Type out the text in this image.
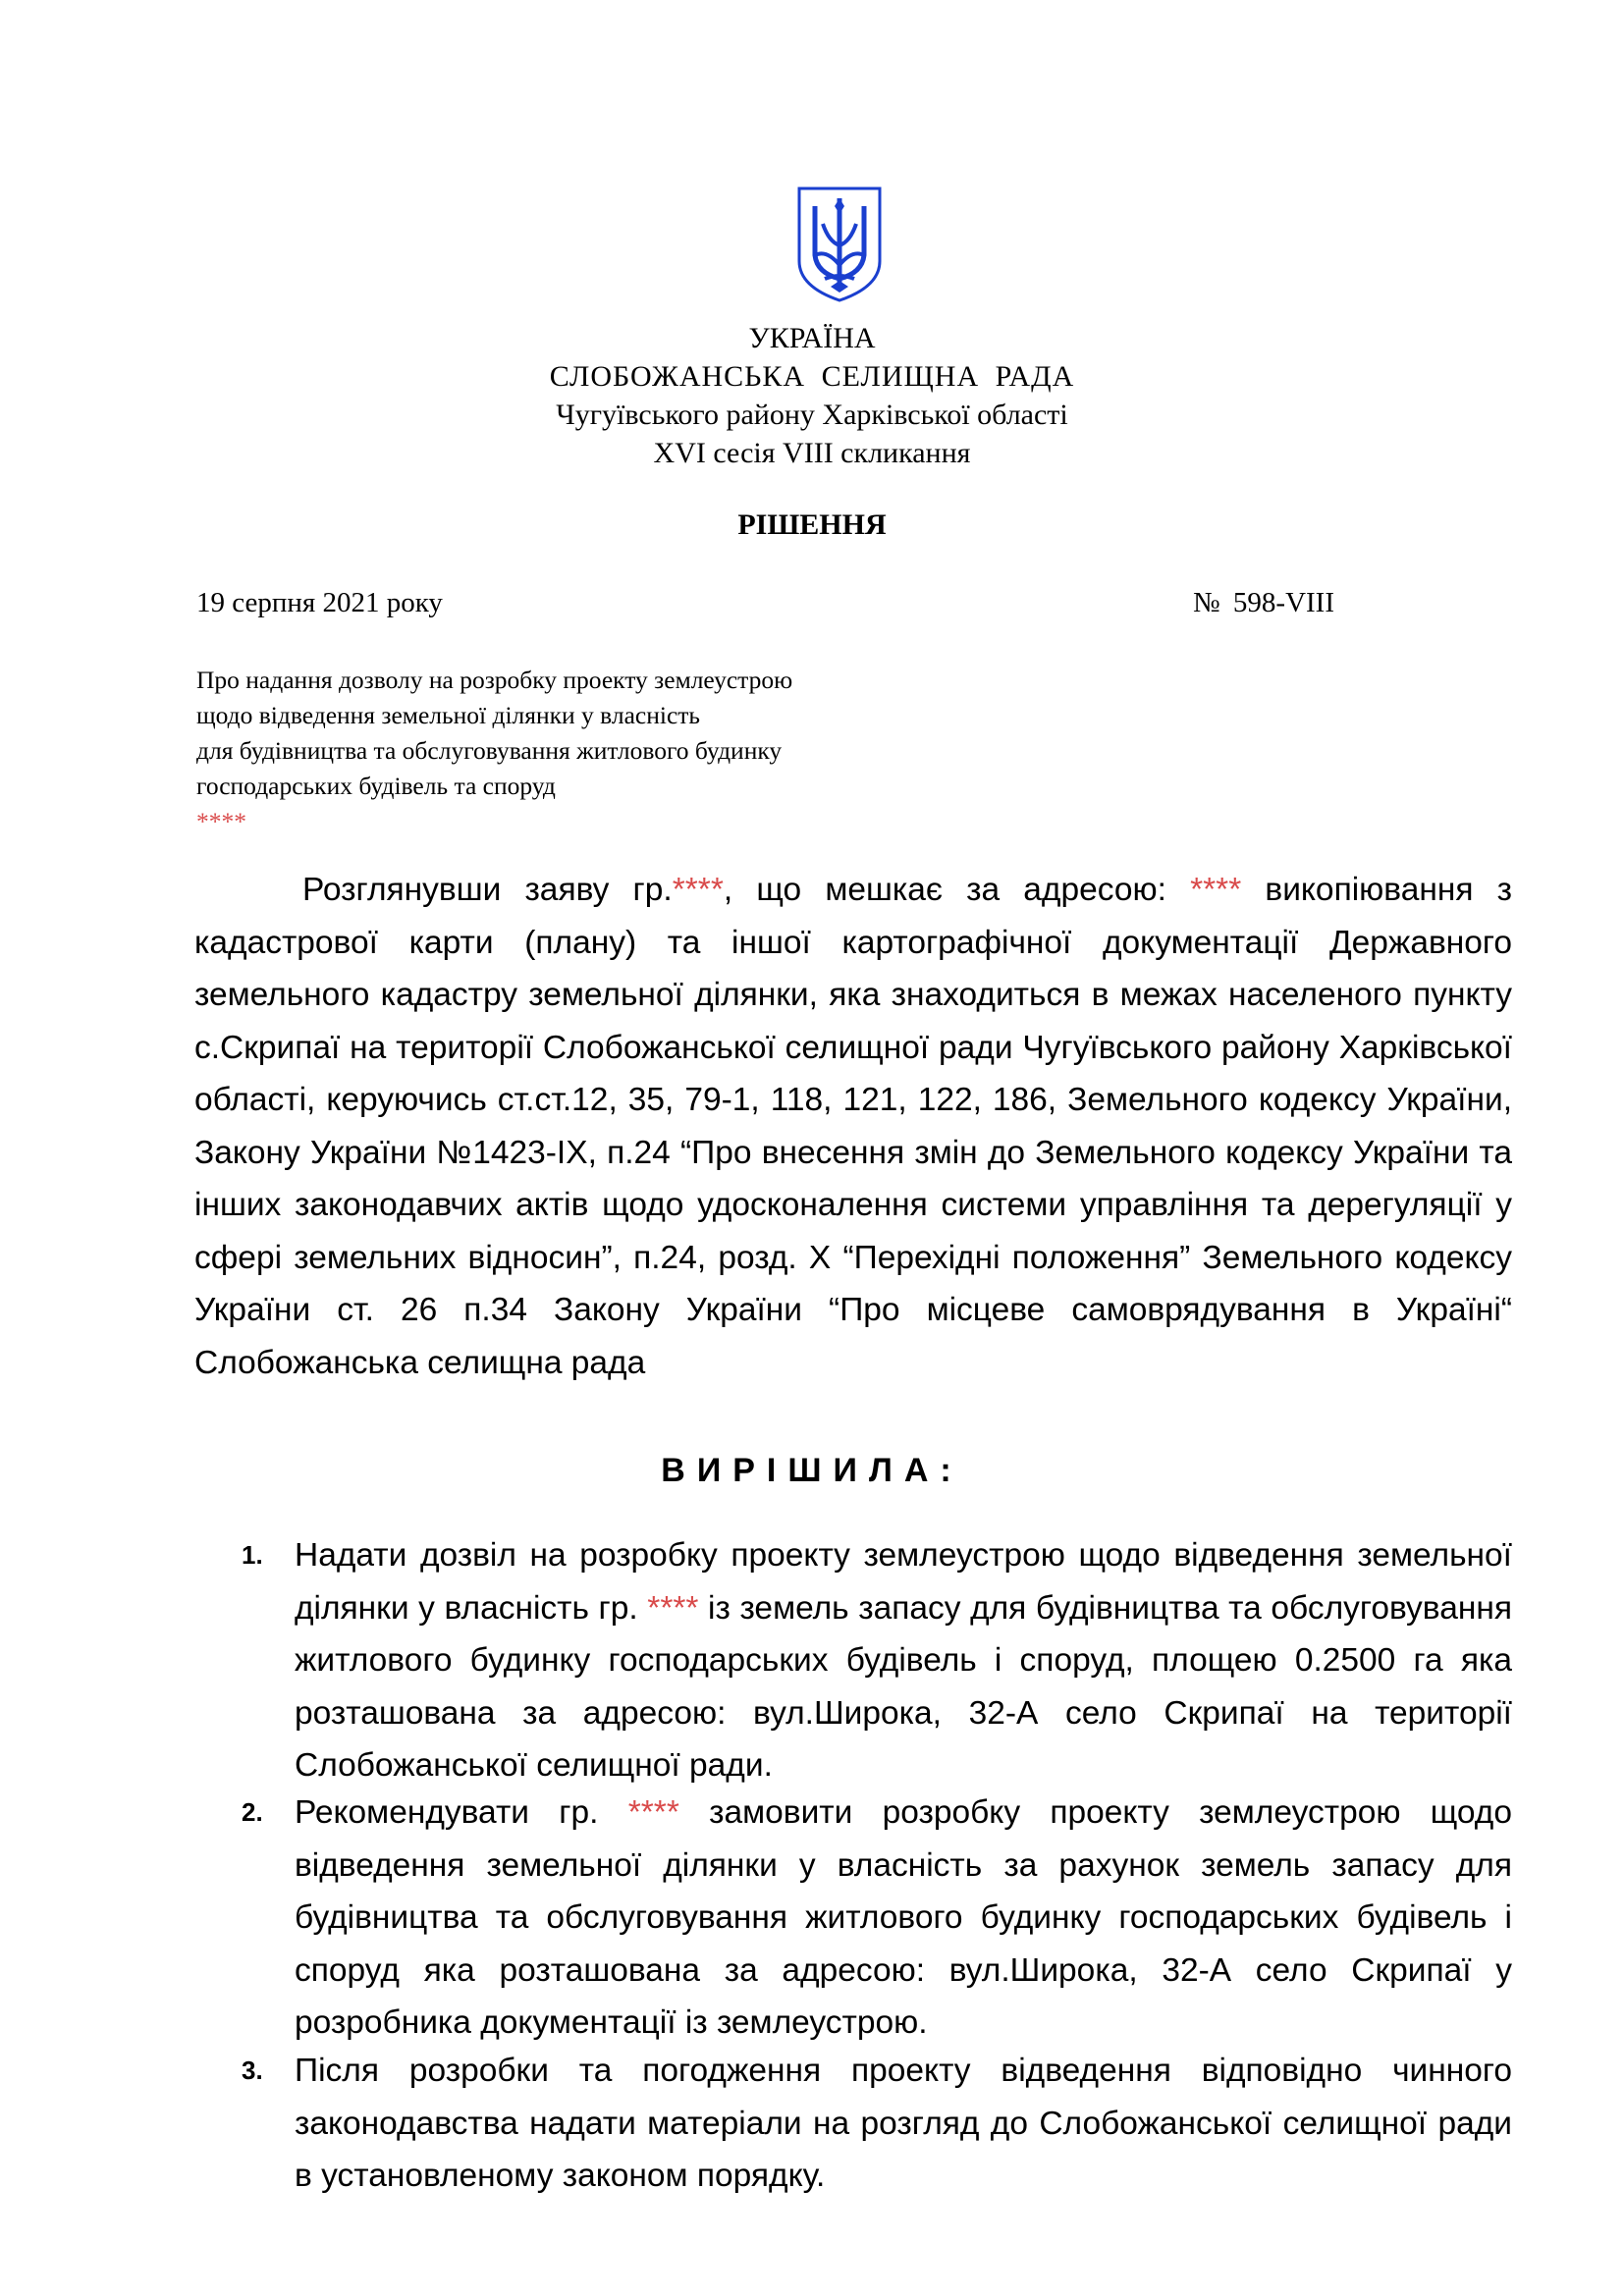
УКРАЇНА
СЛОБОЖАНСЬКА СЕЛИЩНА РАДА
Чугуївського району Харківської області
XVI сесія VIII скликання
РІШЕННЯ
19 серпня 2021 року	№ 598-VIII
Про надання дозволу на розробку проекту землеустрою
щодо відведення земельної ділянки у власність
для будівництва та обслуговування житлового будинку
господарських будівель та споруд
****

Розглянувши заяву гр.****, що мешкає за адресою: **** викопіювання з кадастрової карти (плану) та іншої картографічної документації Державного земельного кадастру земельної ділянки, яка знаходиться в межах населеного пункту с.Скрипаї на території Слобожанської селищної ради Чугуївського району Харківської області, керуючись ст.ст.12, 35, 79-1, 118, 121, 122, 186, Земельного кодексу України, Закону України №1423-IX, п.24 “Про внесення змін до Земельного кодексу України та інших законодавчих актів щодо удосконалення системи управління та дерегуляції у сфері земельних відносин”, п.24, розд. Х “Перехідні положення” Земельного кодексу України ст. 26 п.34 Закону України “Про місцеве самоврядування в Україні“ Слобожанська селищна рада

ВИРІШИЛА:
1. Надати дозвіл на розробку проекту землеустрою щодо відведення земельної ділянки у власність гр. **** із земель запасу для будівництва та обслуговування житлового будинку господарських будівель і споруд, площею 0.2500 га яка розташована за адресою: вул.Широка, 32-А село Скрипаї на території Слобожанської селищної ради.

2. Рекомендувати гр. **** замовити розробку проекту землеустрою щодо відведення земельної ділянки у власність за рахунок земель запасу для будівництва та обслуговування житлового будинку господарських будівель і споруд яка розташована за адресою: вул.Широка, 32-А село Скрипаї у розробника документації із землеустрою.

3. Після розробки та погодження проекту відведення відповідно чинного законодавства надати матеріали на розгляд до Слобожанської селищної ради в установленому законом порядку.
